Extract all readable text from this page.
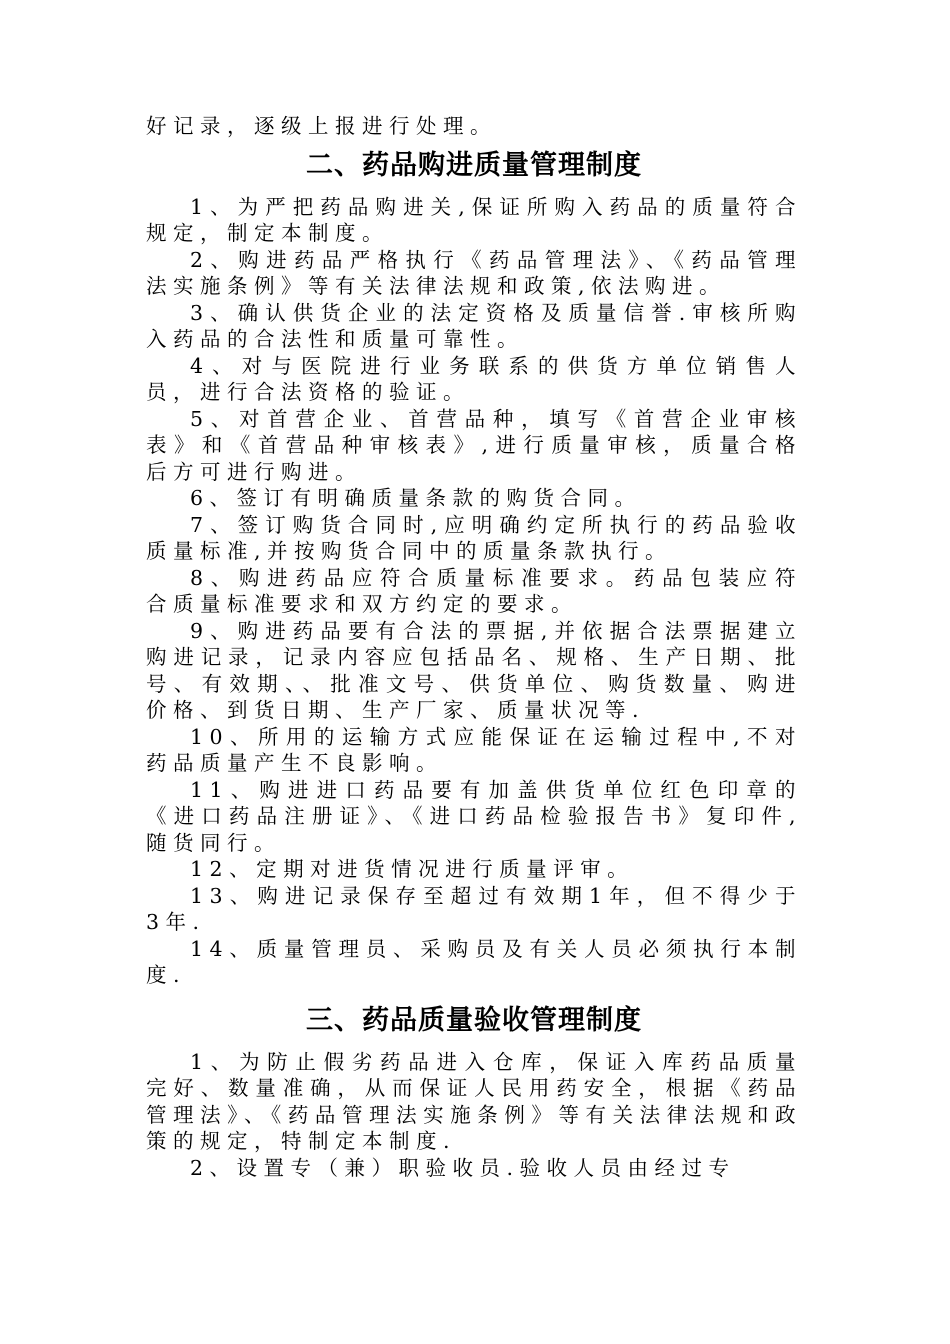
好记录，逐级上报进行处理。

二、药品购进质量管理制度

1、为严把药品购进关,保证所购入药品的质量符合规定，制定本制度。

2、购进药品严格执行《药品管理法》、《药品管理法实施条例》等有关法律法规和政策,依法购进。

3、确认供货企业的法定资格及质量信誉.审核所购入药品的合法性和质量可靠性。

4、对与医院进行业务联系的供货方单位销售人员，进行合法资格的验证。

5、对首营企业、首营品种，填写《首营企业审核表》和《首营品种审核表》,进行质量审核，质量合格后方可进行购进。

6、签订有明确质量条款的购货合同。

7、签订购货合同时,应明确约定所执行的药品验收质量标准,并按购货合同中的质量条款执行。

8、购进药品应符合质量标准要求。药品包装应符合质量标准要求和双方约定的要求。

9、购进药品要有合法的票据,并依据合法票据建立购进记录，记录内容应包括品名、规格、生产日期、批号、有效期、、批准文号、供货单位、购货数量、购进价格、到货日期、生产厂家、质量状况等.

10、所用的运输方式应能保证在运输过程中,不对药品质量产生不良影响。

11、购进进口药品要有加盖供货单位红色印章的《进口药品注册证》、《进口药品检验报告书》复印件,随货同行。

12、定期对进货情况进行质量评审。

13、购进记录保存至超过有效期1年，但不得少于3年.

14、质量管理员、采购员及有关人员必须执行本制度.

三、药品质量验收管理制度

1、为防止假劣药品进入仓库，保证入库药品质量完好、数量准确，从而保证人民用药安全，根据《药品管理法》、《药品管理法实施条例》等有关法律法规和政策的规定，特制定本制度.

2、设置专（兼）职验收员.验收人员由经过专
